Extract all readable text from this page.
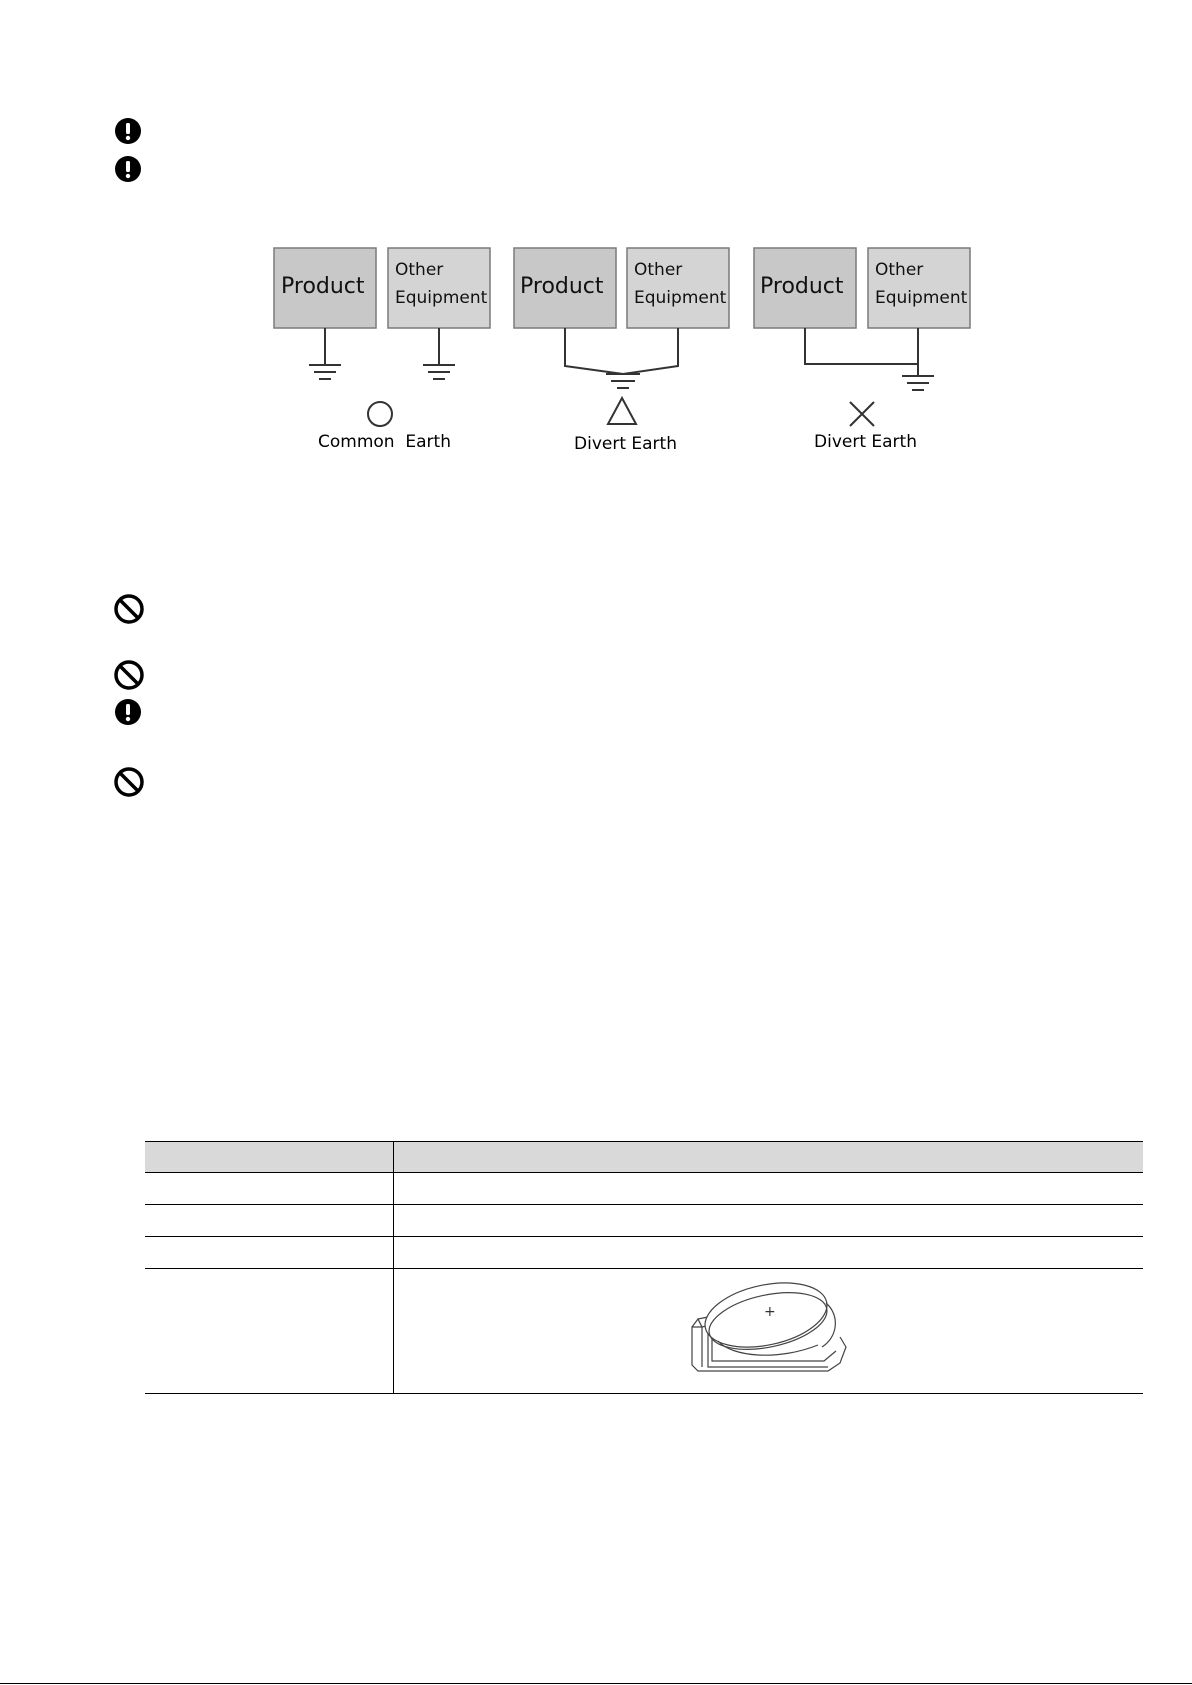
Product
Other
Equipment
Common  Earth
Product
Other
Equipment
Divert Earth
Product
Other
Equipment
Divert Earth

+
